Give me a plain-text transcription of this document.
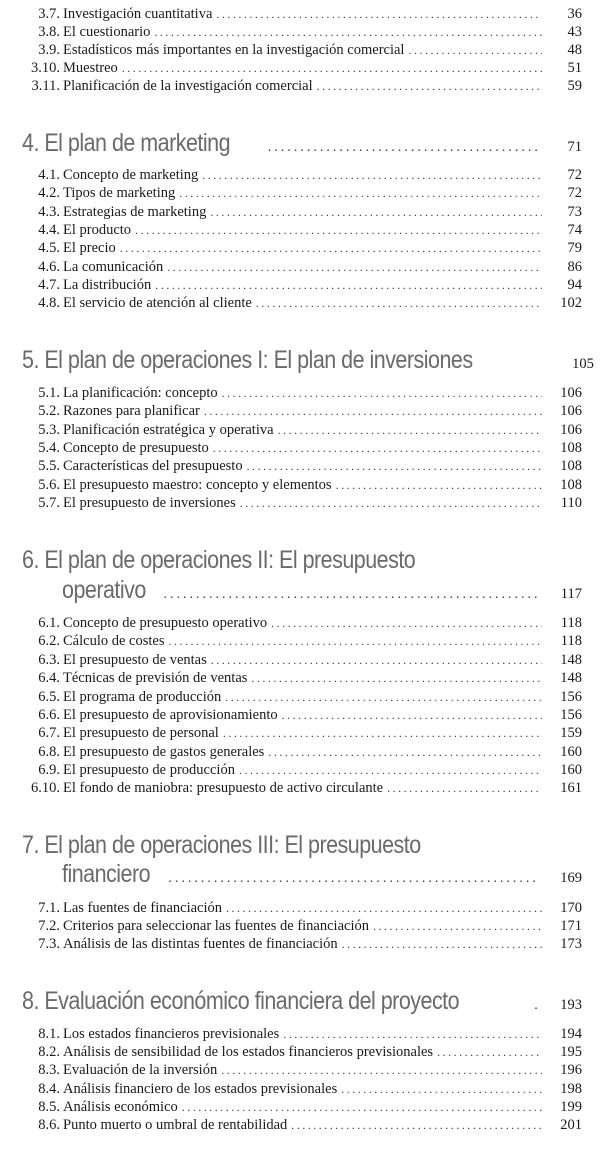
3.7. Investigación cuantitativa .....	36
3.8. El cuestionario .....	43
3.9. Estadísticos más importantes en la investigación comercial .....	48
3.10. Muestreo .....	51
3.11. Planificación de la investigación comercial .....	59
4. El plan de marketing .....	71
4.1. Concepto de marketing .....	72
4.2. Tipos de marketing .....	72
4.3. Estrategias de marketing .....	73
4.4. El producto .....	74
4.5. El precio .....	79
4.6. La comunicación .....	86
4.7. La distribución .....	94
4.8. El servicio de atención al cliente .....	102
5. El plan de operaciones I: El plan de inversiones	105
5.1. La planificación: concepto .....	106
5.2. Razones para planificar .....	106
5.3. Planificación estratégica y operativa .....	106
5.4. Concepto de presupuesto .....	108
5.5. Características del presupuesto .....	108
5.6. El presupuesto maestro: concepto y elementos .....	108
5.7. El presupuesto de inversiones .....	110
6. El plan de operaciones II: El presupuesto
operativo .....	117
6.1. Concepto de presupuesto operativo .....	118
6.2. Cálculo de costes .....	118
6.3. El presupuesto de ventas .....	148
6.4. Técnicas de previsión de ventas .....	148
6.5. El programa de producción .....	156
6.6. El presupuesto de aprovisionamiento .....	156
6.7. El presupuesto de personal .....	159
6.8. El presupuesto de gastos generales .....	160
6.9. El presupuesto de producción .....	160
6.10. El fondo de maniobra: presupuesto de activo circulante .....	161
7. El plan de operaciones III: El presupuesto
financiero .....	169
7.1. Las fuentes de financiación .....	170
7.2. Criterios para seleccionar las fuentes de financiación .....	171
7.3. Análisis de las distintas fuentes de financiación .....	173
8. Evaluación económico financiera del proyecto .....	193
8.1. Los estados financieros previsionales .....	194
8.2. Análisis de sensibilidad de los estados financieros previsionales .....	195
8.3. Evaluación de la inversión .....	196
8.4. Análisis financiero de los estados previsionales .....	198
8.5. Análisis económico .....	199
8.6. Punto muerto o umbral de rentabilidad .....	201
